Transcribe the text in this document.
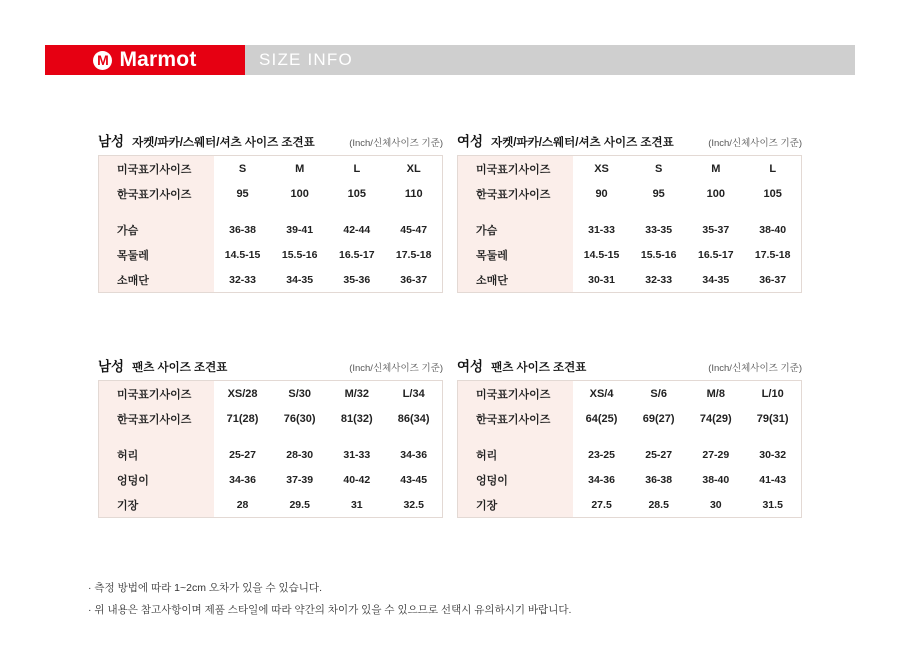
M Marmot	SIZE INFO
남성 자켓/파카/스웨터/셔츠 사이즈 조견표	(Inch/신체사이즈 기준)
미국표기사이즈	S	M	L	XL
한국표기사이즈	95	100	105	110

가슴	36-38	39-41	42-44	45-47
목둘레	14.5-15	15.5-16	16.5-17	17.5-18
소매단	32-33	34-35	35-36	36-37
여성 자켓/파카/스웨터/셔츠 사이즈 조견표	(Inch/신체사이즈 기준)
미국표기사이즈	XS	S	M	L
한국표기사이즈	90	95	100	105

가슴	31-33	33-35	35-37	38-40
목둘레	14.5-15	15.5-16	16.5-17	17.5-18
소매단	30-31	32-33	34-35	36-37
남성 팬츠 사이즈 조견표	(Inch/신체사이즈 기준)
미국표기사이즈	XS/28	S/30	M/32	L/34
한국표기사이즈	71(28)	76(30)	81(32)	86(34)

허리	25-27	28-30	31-33	34-36
엉덩이	34-36	37-39	40-42	43-45
기장	28	29.5	31	32.5
여성 팬츠 사이즈 조견표	(Inch/신체사이즈 기준)
미국표기사이즈	XS/4	S/6	M/8	L/10
한국표기사이즈	64(25)	69(27)	74(29)	79(31)

허리	23-25	25-27	27-29	30-32
엉덩이	34-36	36-38	38-40	41-43
기장	27.5	28.5	30	31.5
· 측정 방법에 따라 1~2cm 오차가 있을 수 있습니다.
· 위 내용은 참고사항이며 제품 스타일에 따라 약간의 차이가 있을 수 있으므로 선택시 유의하시기 바랍니다.
